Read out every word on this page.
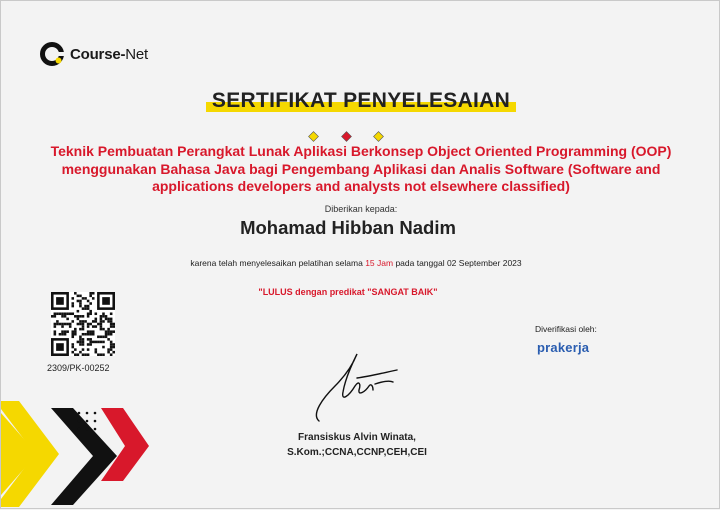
Course-Net
SERTIFIKAT PENYELESAIAN
Teknik Pembuatan Perangkat Lunak Aplikasi Berkonsep Object Oriented Programming (OOP)
menggunakan Bahasa Java bagi Pengembang Aplikasi dan Analis Software (Software and
applications developers and analysts not elsewhere classified)
Diberikan kepada:
Mohamad Hibban Nadim
karena telah menyelesaikan pelatihan selama 15 Jam pada tanggal 02 September 2023
"LULUS dengan predikat "SANGAT BAIK"
2309/PK-00252
Diverifikasi oleh:
prakerja
Fransiskus Alvin Winata,
S.Kom.;CCNA,CCNP,CEH,CEI
